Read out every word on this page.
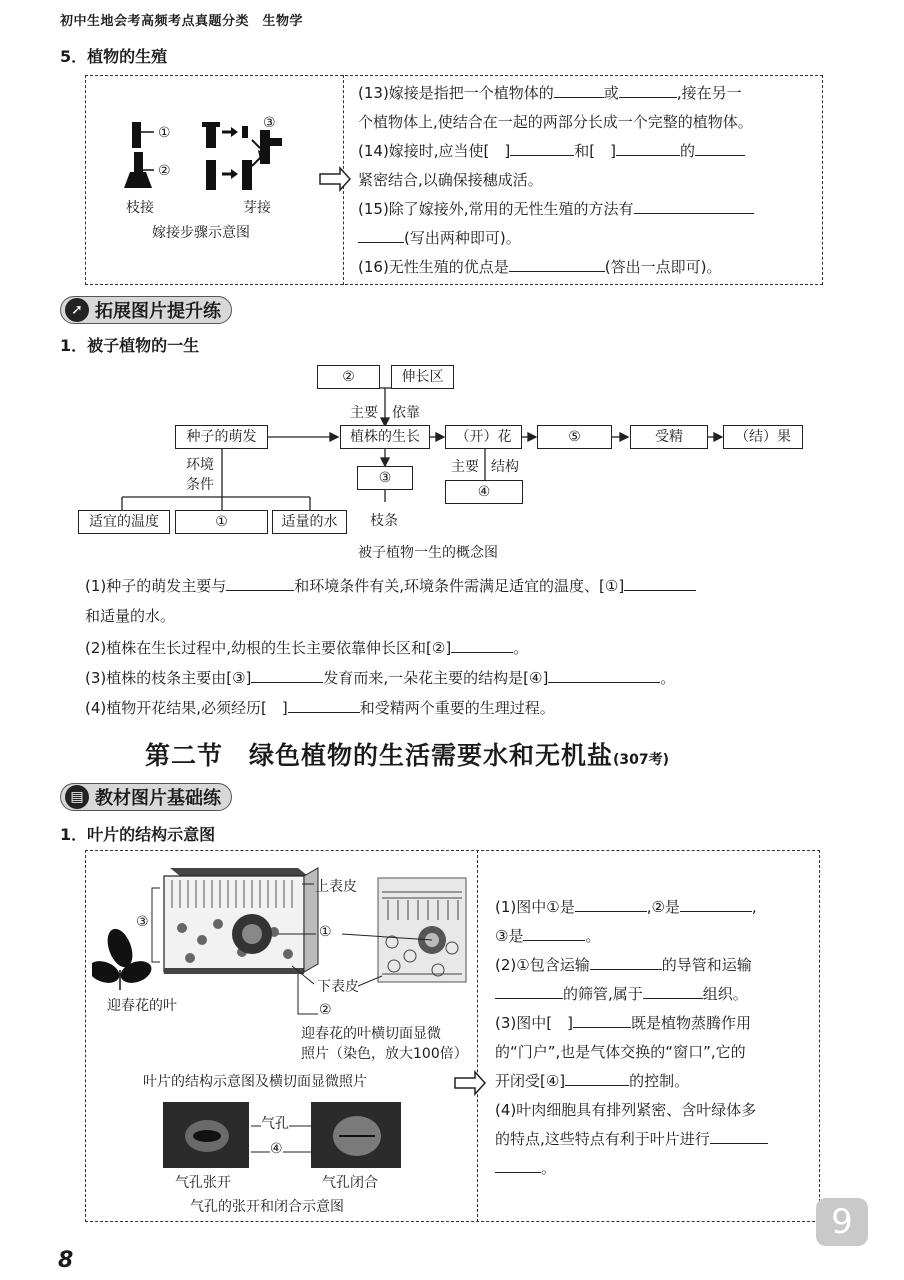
初中生地会考高频考点真题分类　生物学
5．植物的生殖
①
②
③
枝接	芽接
嫁接步骤示意图

(13)嫁接是指把一个植物体的	或	,接在另一

个植物体上,使结合在一起的两部分长成一个完整的植物体。

(14)嫁接时,应当使[　]	和[　]	的

紧密结合,以确保接穗成活。

(15)除了嫁接外,常用的无性生殖的方法有

(写出两种即可)。

(16)无性生殖的优点是	(答出一点即可)。

➚ 拓展图片提升练
1．被子植物的一生
②	伸长区
主要 依靠
种子的萌发	植株的生长	（开）花	⑤	受精	（结）果
环境
条件	③
主要 结构
④
适宜的温度	①	适量的水	枝条
被子植物一生的概念图
(1)种子的萌发主要与	和环境条件有关,环境条件需满足适宜的温度、[①]
和适量的水。
(2)植株在生长过程中,幼根的生长主要依靠伸长区和[②]	。
(3)植株的枝条主要由[③]	发育而来,一朵花主要的结构是[④]	。
(4)植物开花结果,必须经历[　]	和受精两个重要的生理过程。
第二节　绿色植物的生活需要水和无机盐(307考)
▤ 教材图片基础练
1．叶片的结构示意图
③
上表皮
①
下表皮
②
迎春花的叶
迎春花的叶横切面显微
照片（染色，放大100倍）
叶片的结构示意图及横切面显微照片
气孔
④
气孔张开	气孔闭合
气孔的张开和闭合示意图

(1)图中①是	,②是	,

③是	。

(2)①包含运输	的导管和运输

的筛管,属于	组织。

(3)图中[　]	既是植物蒸腾作用

的“门户”,也是气体交换的“窗口”,它的

开闭受[④]	的控制。

(4)叶肉细胞具有排列紧密、含叶绿体多

的特点,这些特点有利于叶片进行

。

8
9
